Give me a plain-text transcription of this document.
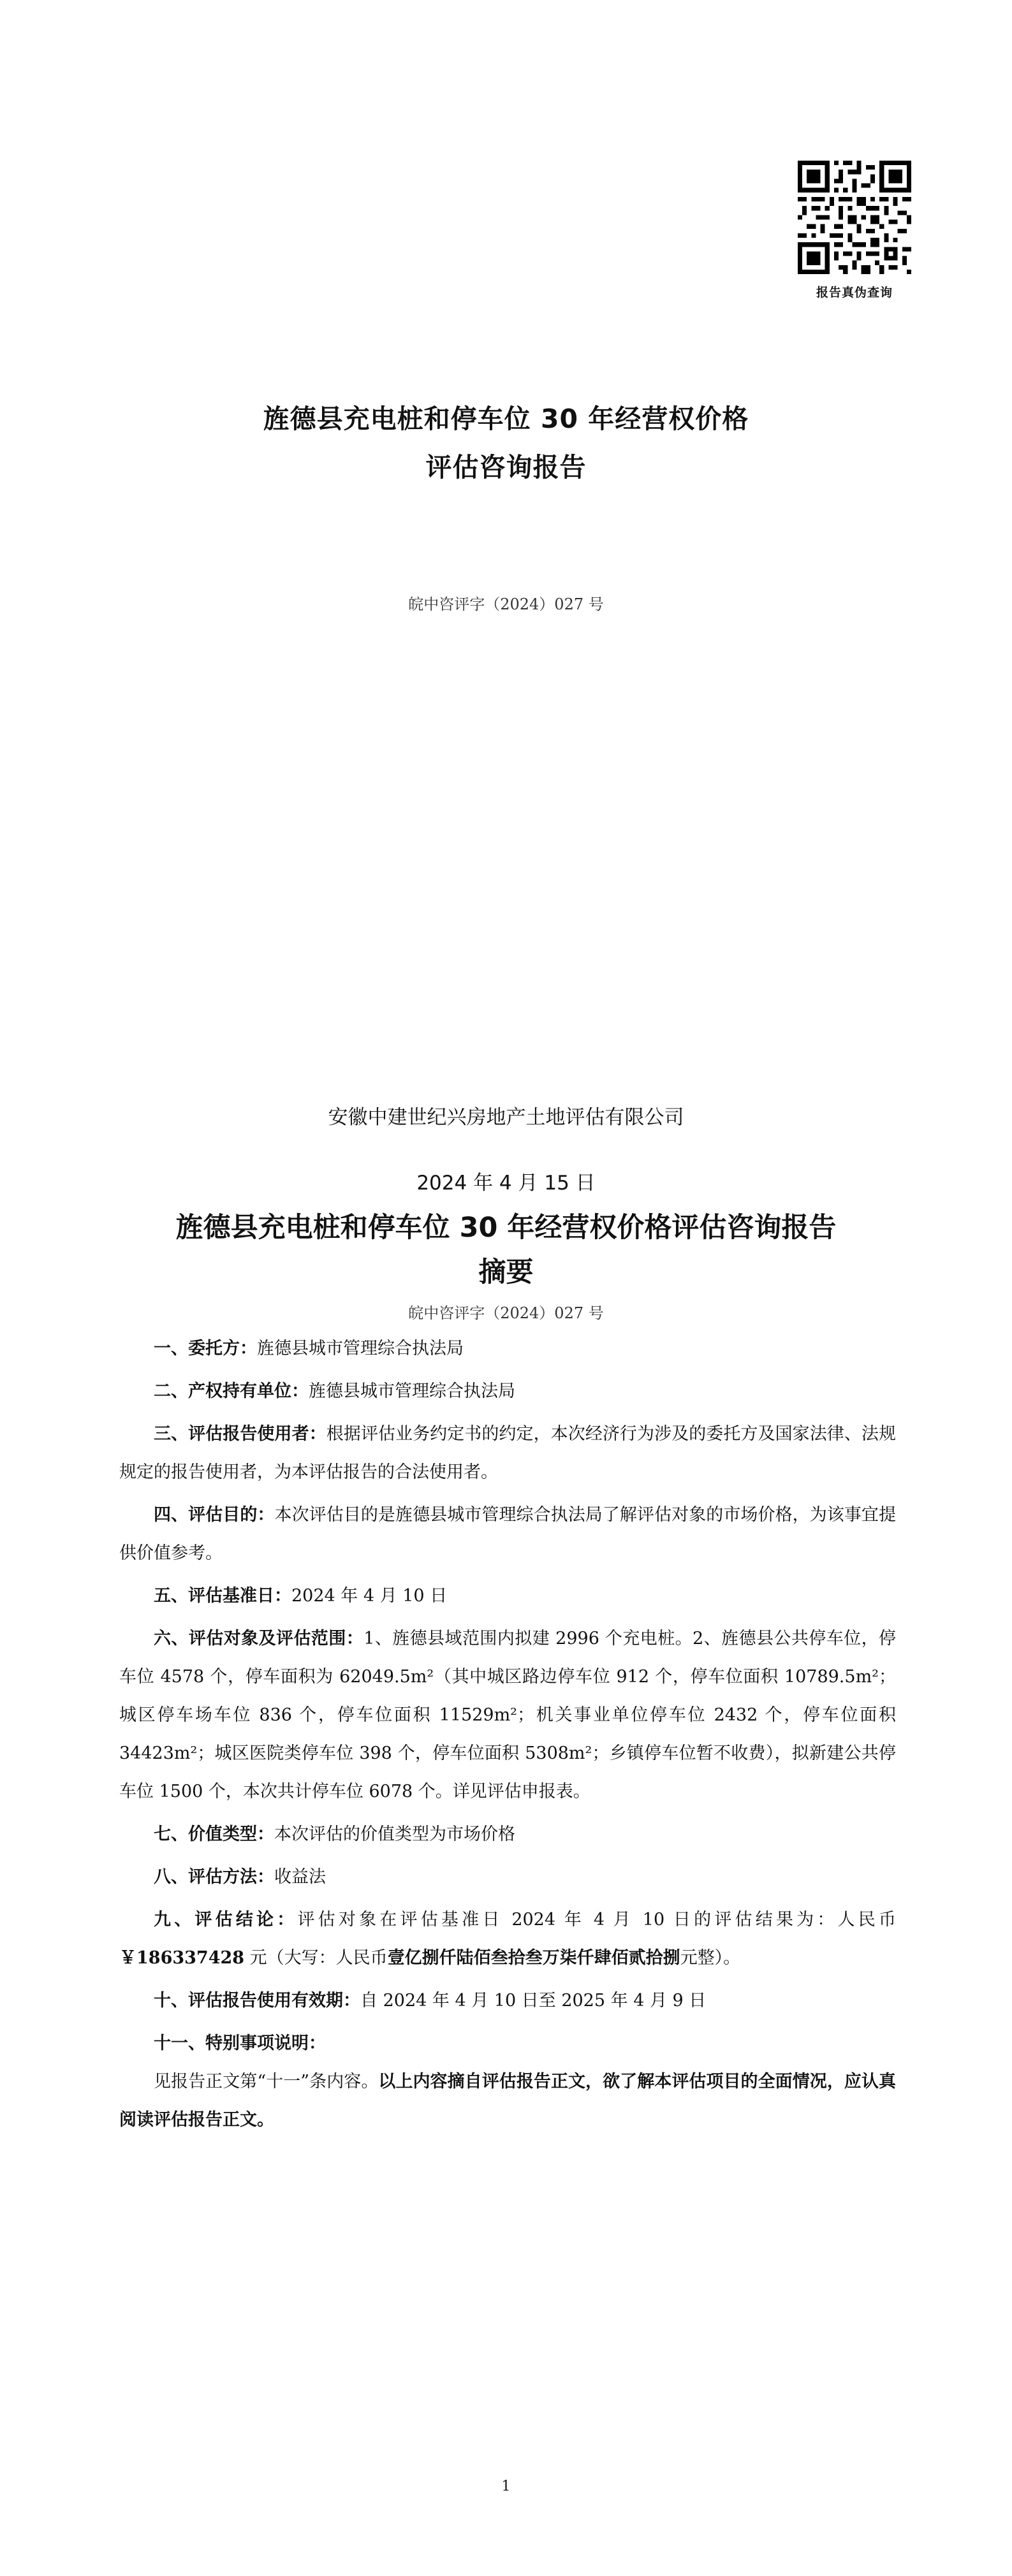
报告真伪查询
旌德县充电桩和停车位 30 年经营权价格
评估咨询报告
皖中咨评字（2024）027 号
安徽中建世纪兴房地产土地评估有限公司
2024 年 4 月 15 日
旌德县充电桩和停车位 30 年经营权价格评估咨询报告
摘要
皖中咨评字（2024）027 号

一、委托方：旌德县城市管理综合执法局

二、产权持有单位：旌德县城市管理综合执法局

三、评估报告使用者：根据评估业务约定书的约定，本次经济行为涉及的委托方及国家法律、法规规定的报告使用者，为本评估报告的合法使用者。

四、评估目的：本次评估目的是旌德县城市管理综合执法局了解评估对象的市场价格，为该事宜提供价值参考。

五、评估基准日：2024 年 4 月 10 日

六、评估对象及评估范围：1、旌德县域范围内拟建 2996 个充电桩。2、旌德县公共停车位，停车位 4578 个，停车面积为 62049.5m²（其中城区路边停车位 912 个，停车位面积 10789.5m²；城区停车场车位 836 个，停车位面积 11529m²；机关事业单位停车位 2432 个，停车位面积 34423m²；城区医院类停车位 398 个，停车位面积 5308m²；乡镇停车位暂不收费），拟新建公共停车位 1500 个，本次共计停车位 6078 个。详见评估申报表。

七、价值类型：本次评估的价值类型为市场价格

八、评估方法：收益法

九、评估结论：评估对象在评估基准日 2024 年 4 月 10 日的评估结果为：人民币￥186337428 元（大写：人民币壹亿捌仟陆佰叁拾叁万柒仟肆佰贰拾捌元整）。

十、评估报告使用有效期：自 2024 年 4 月 10 日至 2025 年 4 月 9 日

十一、特别事项说明：

见报告正文第“十一”条内容。以上内容摘自评估报告正文，欲了解本评估项目的全面情况，应认真阅读评估报告正文。

1
